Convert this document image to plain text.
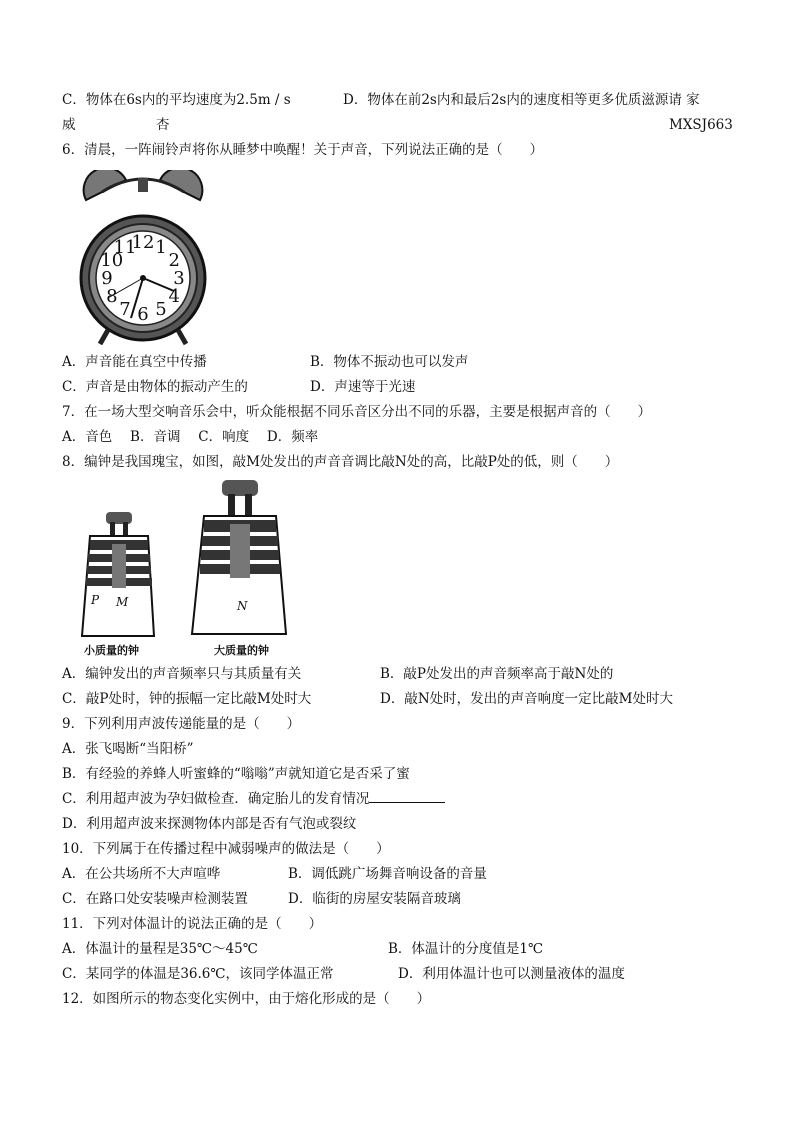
C．物体在6s内的平均速度为2.5m / s	D．物体在前2s内和最后2s内的速度相等更多优质滋源请 家
威	杏	MXSJ663
6．清晨，一阵闹铃声将你从睡梦中唤醒！关于声音，下列说法正确的是（　　）
12 1
2
3
4
5
6
7
8
9
10
11
A．声音能在真空中传播	B．物体不振动也可以发声
C．声音是由物体的振动产生的	D．声速等于光速
7．在一场大型交响音乐会中，听众能根据不同乐音区分出不同的乐器，主要是根据声音的（　　）
A．音色　 B．音调　 C．响度　 D．频率
8．编钟是我国瑰宝，如图，敲M处发出的声音音调比敲N处的高，比敲P处的低，则（　　）
P M
小质量的钟
N
大质量的钟
A．编钟发出的声音频率只与其质量有关	B．敲P处发出的声音频率高于敲N处的
C．敲P处时，钟的振幅一定比敲M处时大	D．敲N处时，发出的声音响度一定比敲M处时大
9．下列利用声波传递能量的是（　　）
A．张飞喝断“当阳桥”
B．有经验的养蜂人听蜜蜂的“嗡嗡”声就知道它是否采了蜜
C．利用超声波为孕妇做检查．确定胎儿的发育情况
D．利用超声波来探测物体内部是否有气泡或裂纹
10．下列属于在传播过程中减弱噪声的做法是（　　）
A．在公共场所不大声喧哗	B．调低跳广场舞音响设备的音量
C．在路口处安装噪声检测装置	D．临街的房屋安装隔音玻璃
11．下列对体温计的说法正确的是（　　）
A．体温计的量程是35℃～45℃	B．体温计的分度值是1℃
C．某同学的体温是36.6℃，该同学体温正常	D．利用体温计也可以测量液体的温度
12．如图所示的物态变化实例中，由于熔化形成的是（　　）
